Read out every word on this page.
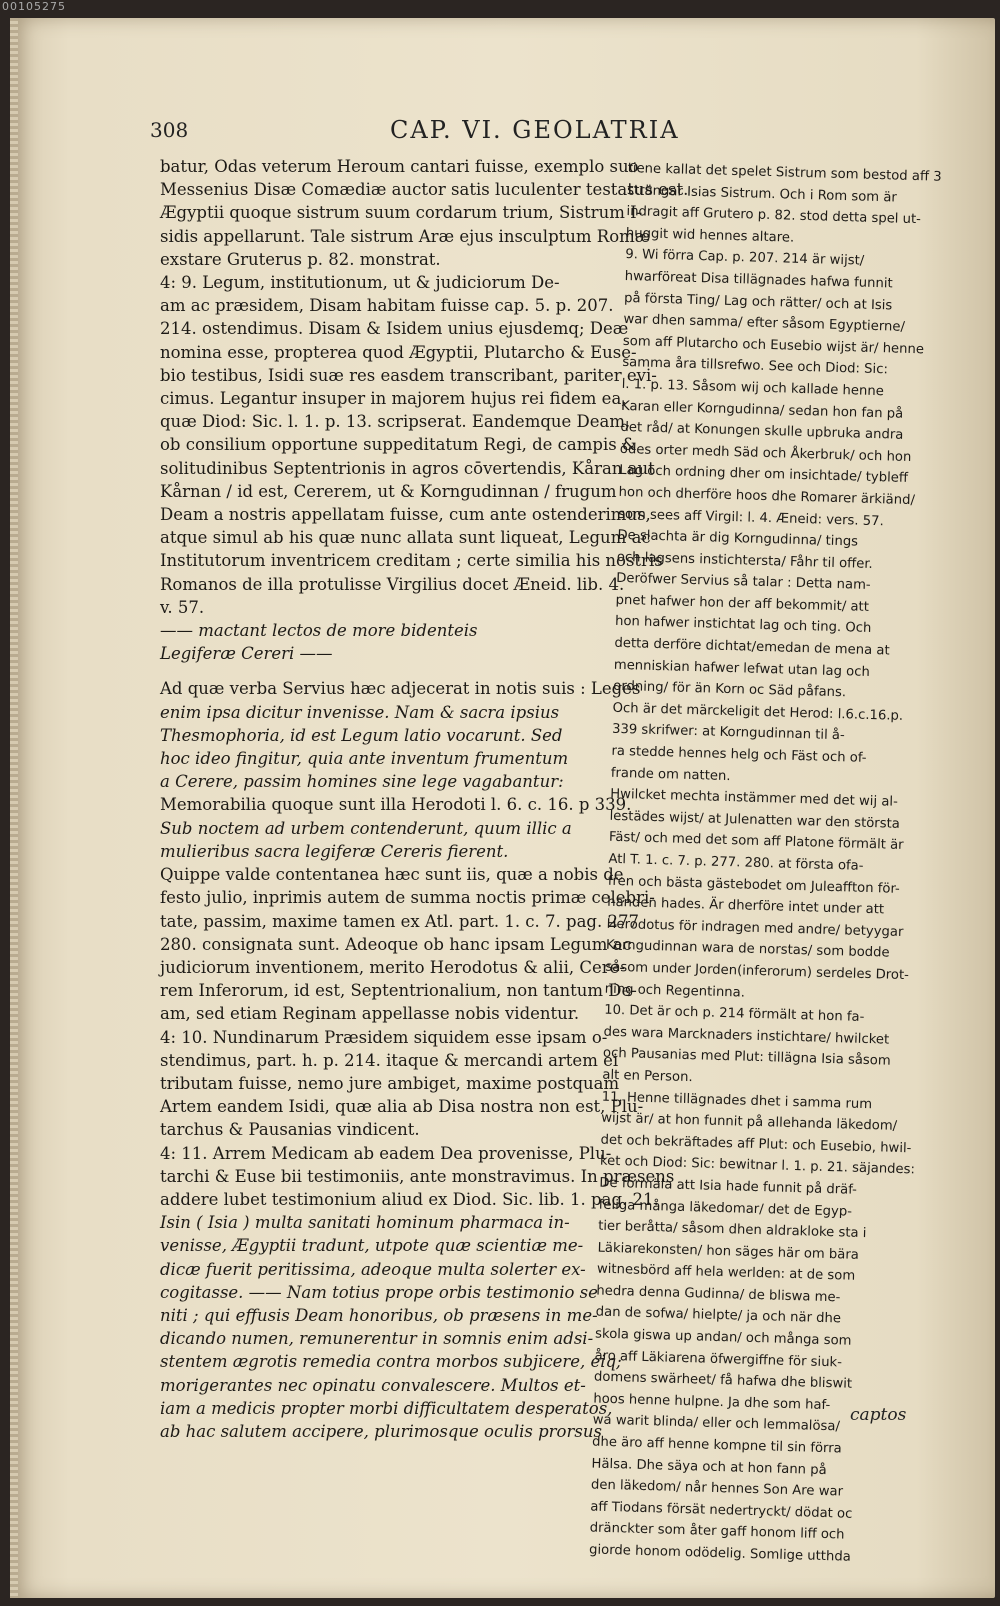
00105275
308	CAP. VI. GEOLATRIA

batur, Odas veterum Heroum cantari fuisse, exemplo suo

Messenius Disæ Comædiæ auctor satis luculenter testatus est.

Ægyptii quoque sistrum suum cordarum trium, Sistrum I-

sidis appellarunt. Tale sistrum Aræ ejus insculptum Romæ

exstare Gruterus p. 82. monstrat.

4: 9. Legum, institutionum, ut & judiciorum De-

am ac præsidem, Disam habitam fuisse cap. 5. p. 207.

214. ostendimus. Disam & Isidem unius ejusdemq; Deæ

nomina esse, propterea quod Ægyptii, Plutarcho & Euse-

bio testibus, Isidi suæ res easdem transcribant, pariter evi-

cimus. Legantur insuper in majorem hujus rei fidem ea,

quæ Diod: Sic. l. 1. p. 13. scripserat. Eandemque Deam,

ob consilium opportune suppeditatum Regi, de campis &

solitudinibus Septentrionis in agros cōvertendis, Kåran aut

Kårnan / id est, Cererem, ut & Korngudinnan / frugum

Deam a nostris appellatam fuisse, cum ante ostenderimus,

atque simul ab his quæ nunc allata sunt liqueat, Legum ac

Institutorum inventricem creditam ; certe similia his nostris

Romanos de illa protulisse Virgilius docet Æneid. lib. 4.

v. 57.

—— mactant lectos de more bidenteis

Legiferæ Cereri ——

Ad quæ verba Servius hæc adjecerat in notis suis : Leges

enim ipsa dicitur invenisse. Nam & sacra ipsius

Thesmophoria, id est Legum latio vocarunt. Sed

hoc ideo fingitur, quia ante inventum frumentum

a Cerere, passim homines sine lege vagabantur:

Memorabilia quoque sunt illa Herodoti l. 6. c. 16. p 339.

Sub noctem ad urbem contenderunt, quum illic a

mulieribus sacra legiferæ Cereris fierent.

Quippe valde contentanea hæc sunt iis, quæ a nobis de

festo julio, inprimis autem de summa noctis primæ celebri-

tate, passim, maxime tamen ex Atl. part. 1. c. 7. pag. 277

280. consignata sunt. Adeoque ob hanc ipsam Legum ac

judiciorum inventionem, merito Herodotus & alii, Cere-

rem Inferorum, id est, Septentrionalium, non tantum De-

am, sed etiam Reginam appellasse nobis videntur.

4: 10. Nundinarum Præsidem siquidem esse ipsam o-

stendimus, part. h. p. 214. itaque & mercandi artem ei

tributam fuisse, nemo jure ambiget, maxime postquam

Artem eandem Isidi, quæ alia ab Disa nostra non est, Plu-

tarchus & Pausanias vindicent.

4: 11. Arrem Medicam ab eadem Dea provenisse, Plu-

tarchi & Euse bii testimoniis, ante monstravimus. In præsens

addere lubet testimonium aliud ex Diod. Sic. lib. 1. pag. 21.

Isin ( Isia ) multa sanitati hominum pharmaca in-

venisse, Ægyptii tradunt, utpote quæ scientiæ me-

dicæ fuerit peritissima, adeoque multa solerter ex-

cogitasse. —— Nam totius prope orbis testimonio se

niti ; qui effusis Deam honoribus, ob præsens in me-

dicando numen, remunerentur in somnis enim adsi-

stentem ægrotis remedia contra morbos subjicere, eiq;

morigerantes nec opinatu convalescere. Multos et-

iam a medicis propter morbi difficultatem desperatos,

ab hac salutem accipere, plurimosque oculis prorsus

tiene kallat det spelet Sistrum som bestod aff 3

strängar Isias Sistrum. Och i Rom som är

indragit aff Grutero p. 82. stod detta spel ut-

huggit wid hennes altare.

9. Wi förra Cap. p. 207. 214 är wijst/

hwarföreat Disa tillägnades hafwa funnit

på första Ting/ Lag och rätter/ och at Isis

war dhen samma/ efter såsom Egyptierne/

som aff Plutarcho och Eusebio wijst är/ henne

samma åra tillsrefwo. See och Diod: Sic:

l. 1. p. 13. Såsom wij och kallade henne

Karan eller Korngudinna/ sedan hon fan på

det råd/ at Konungen skulle upbruka andra

ödes orter medh Säd och Åkerbruk/ och hon

Lag och ordning dher om insichtade/ tybleff

hon och dherföre hoos dhe Romarer ärkiänd/

som sees aff Virgil: l. 4. Æneid: vers. 57.

De slachta är dig Korngudinna/ tings

och lagsens instichtersta/ Fåhr til offer.

Deröfwer Servius så talar : Detta nam-

pnet hafwer hon der aff bekommit/ att

hon hafwer instichtat lag och ting. Och

detta derföre dichtat/emedan de mena at

menniskian hafwer lefwat utan lag och

ordning/ för än Korn oc Säd påfans.

Och är det märckeligit det Herod: l.6.c.16.p.

339 skrifwer: at Korngudinnan til å-

ra stedde hennes helg och Fäst och of-

frande om natten.

Hwilcket mechta instämmer med det wij al-

lestädes wijst/ at Julenatten war den största

Fäst/ och med det som aff Platone förmält är

Atl T. 1. c. 7. p. 277. 280. at första ofa-

fren och bästa gästebodet om Juleaffton för-

handen hades. Är dherföre intet under att

Herodotus för indragen med andre/ betyygar

Korngudinnan wara de norstas/ som bodde

såsom under Jorden(inferorum) serdeles Drot-

ning och Regentinna.

10. Det är och p. 214 förmält at hon fa-

des wara Marcknaders instichtare/ hwilcket

och Pausanias med Plut: tillägna Isia såsom

alt en Person.

11. Henne tillägnades dhet i samma rum

wijst är/ at hon funnit på allehanda läkedom/

det och bekräftades aff Plut: och Eusebio, hwil-

ket och Diod: Sic: bewitnar l. 1. p. 21. säjandes:

De förmäla att Isia hade funnit på dräf-

feliga många läkedomar/ det de Egyp-

tier beråtta/ såsom dhen aldrakloke sta i

Läkiarekonsten/ hon säges här om bära

witnesbörd aff hela werlden: at de som

hedra denna Gudinna/ de bliswa me-

dan de sofwa/ hielpte/ ja och när dhe

skola giswa up andan/ och många som

åro aff Läkiarena öfwergiffne för siuk-

domens swärheet/ få hafwa dhe bliswit

hoos henne hulpne. Ja dhe som haf-

wa warit blinda/ eller och lemmalösa/

dhe äro aff henne kompne til sin förra

Hälsa. Dhe säya och at hon fann på

den läkedom/ når hennes Son Are war

aff Tiodans försät nedertryckt/ dödat oc

dränckter som åter gaff honom liff och

giorde honom odödelig. Somlige utthda

captos
